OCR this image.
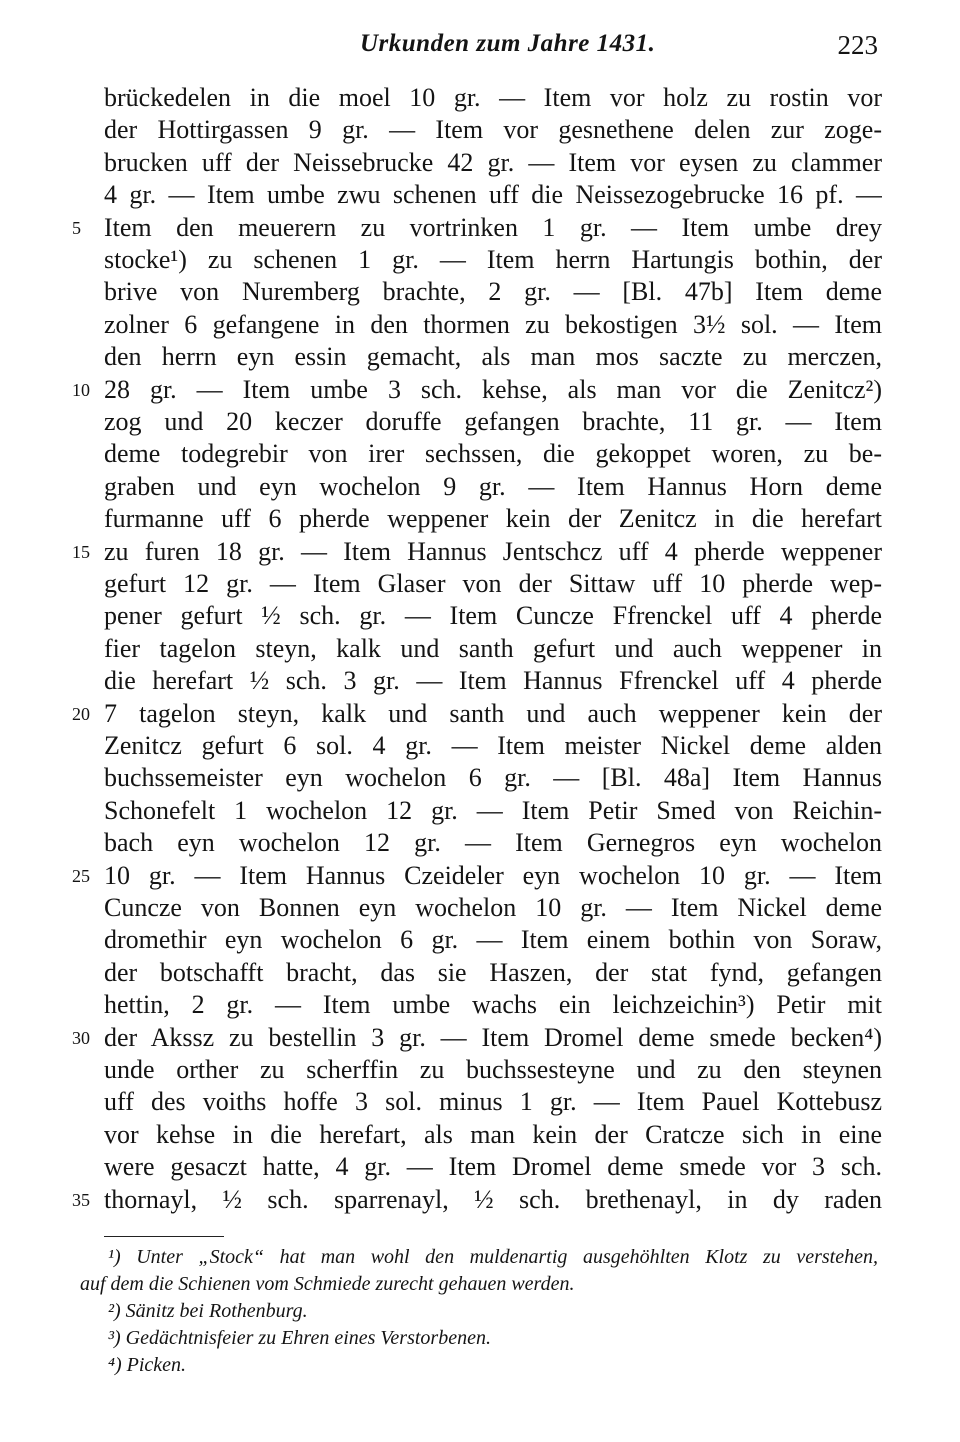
Urkunden zum Jahre 1431.	223
brückedelen in die moel 10 gr. — Item vor holz zu rostin vor
der Hottirgassen 9 gr. — Item vor gesnethene delen zur zoge-
brucken uff der Neissebrucke 42 gr. — Item vor eysen zu clammer
4 gr. — Item umbe zwu schenen uff die Neissezogebrucke 16 pf. —
Item den meuerern zu vortrinken 1 gr. — Item umbe drey
stocke¹) zu schenen 1 gr. — Item herrn Hartungis bothin, der
brive von Nuremberg brachte, 2 gr. — [Bl. 47b] Item deme
zolner 6 gefangene in den thormen zu bekostigen 3½ sol. — Item
den herrn eyn essin gemacht, als man mos saczte zu merczen,
28 gr. — Item umbe 3 sch. kehse, als man vor die Zenitcz²)
zog und 20 keczer doruffe gefangen brachte, 11 gr. — Item
deme todegrebir von irer sechssen, die gekoppet woren, zu be-
graben und eyn wochelon 9 gr. — Item Hannus Horn deme
furmanne uff 6 pherde weppener kein der Zenitcz in die herefart
zu furen 18 gr. — Item Hannus Jentschcz uff 4 pherde weppener
gefurt 12 gr. — Item Glaser von der Sittaw uff 10 pherde wep-
pener gefurt ½ sch. gr. — Item Cuncze Ffrenckel uff 4 pherde
fier tagelon steyn, kalk und santh gefurt und auch weppener in
die herefart ½ sch. 3 gr. — Item Hannus Ffrenckel uff 4 pherde
7 tagelon steyn, kalk und santh und auch weppener kein der
Zenitcz gefurt 6 sol. 4 gr. — Item meister Nickel deme alden
buchssemeister eyn wochelon 6 gr. — [Bl. 48a] Item Hannus
Schonefelt 1 wochelon 12 gr. — Item Petir Smed von Reichin-
bach eyn wochelon 12 gr. — Item Gernegros eyn wochelon
10 gr. — Item Hannus Czeideler eyn wochelon 10 gr. — Item
Cuncze von Bonnen eyn wochelon 10 gr. — Item Nickel deme
dromethir eyn wochelon 6 gr. — Item einem bothin von Soraw,
der botschafft bracht, das sie Haszen, der stat fynd, gefangen
hettin, 2 gr. — Item umbe wachs ein leichzeichin³) Petir mit
der Akssz zu bestellin 3 gr. — Item Dromel deme smede becken⁴)
unde orther zu scherffin zu buchssesteyne und zu den steynen
uff des voiths hoffe 3 sol. minus 1 gr. — Item Pauel Kottebusz
vor kehse in die herefart, als man kein der Cratcze sich in eine
were gesaczt hatte, 4 gr. — Item Dromel deme smede vor 3 sch.
thornayl, ½ sch. sparrenayl, ½ sch. brethenayl, in dy raden
5
10
15
20
25
30
35
¹) Unter „Stock“ hat man wohl den muldenartig ausgehöhlten Klotz zu verstehen,
auf dem die Schienen vom Schmiede zurecht gehauen werden.
²) Sänitz bei Rothenburg.
³) Gedächtnisfeier zu Ehren eines Verstorbenen.
⁴) Picken.
